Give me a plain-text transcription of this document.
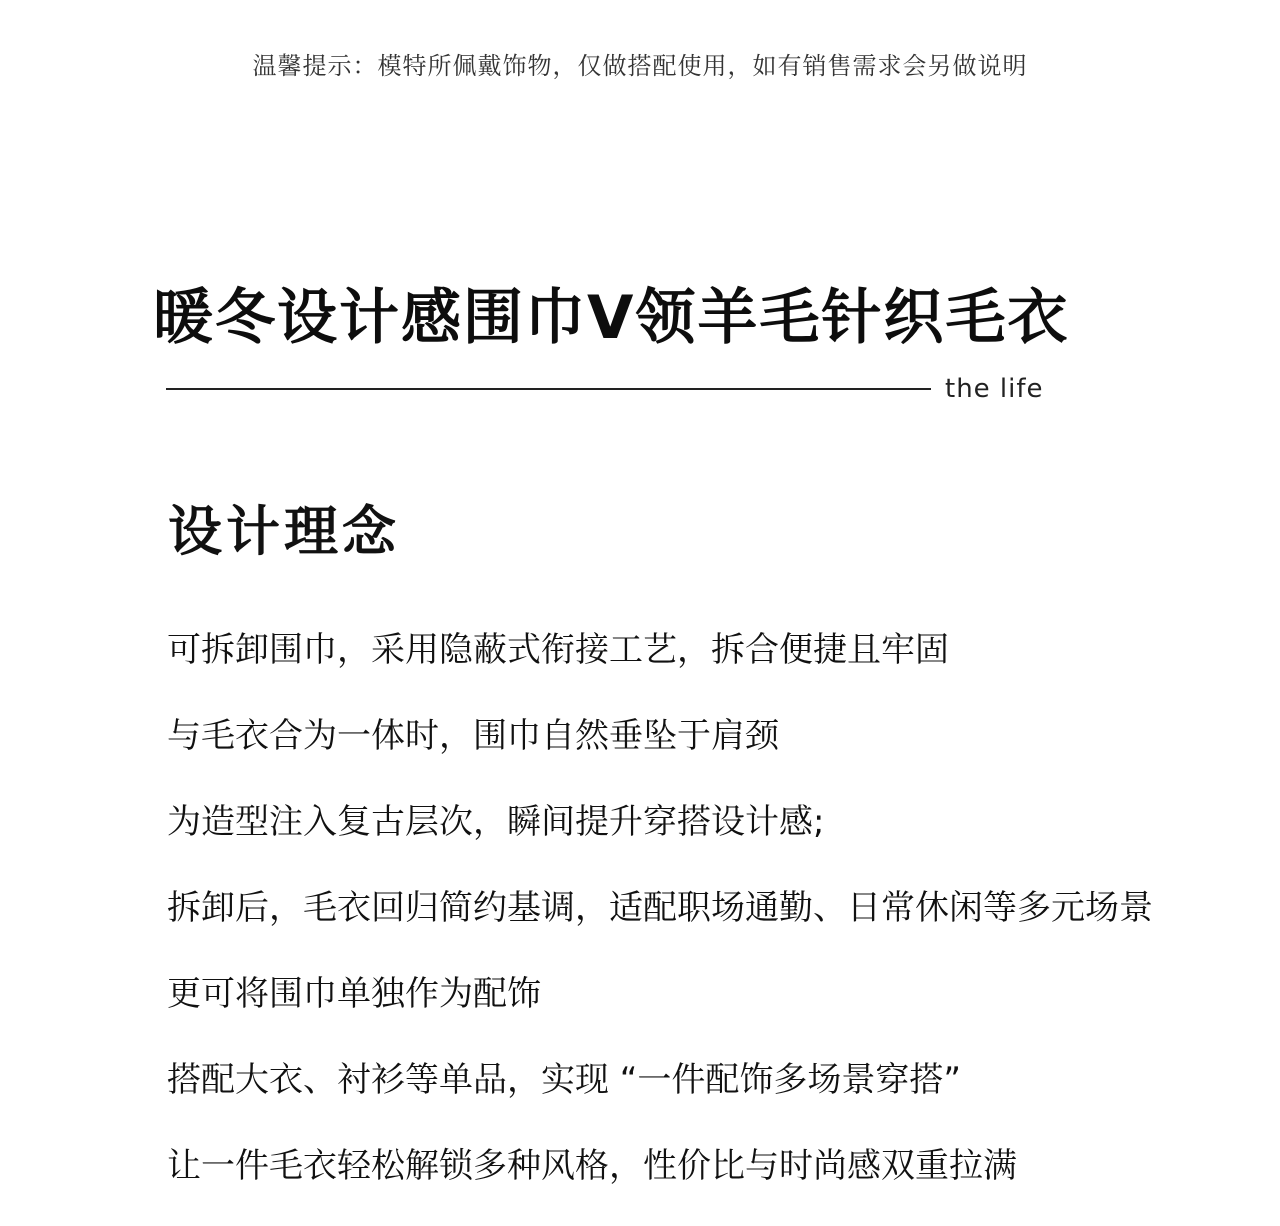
温馨提示：模特所佩戴饰物，仅做搭配使用，如有销售需求会另做说明
暖冬设计感围巾V领羊毛针织毛衣
the life
设计理念
可拆卸围巾，采用隐蔽式衔接工艺，拆合便捷且牢固
与毛衣合为一体时，围巾自然垂坠于肩颈
为造型注入复古层次，瞬间提升穿搭设计感;
拆卸后，毛衣回归简约基调，适配职场通勤、日常休闲等多元场景
更可将围巾单独作为配饰
搭配大衣、衬衫等单品，实现 “一件配饰多场景穿搭”
让一件毛衣轻松解锁多种风格，性价比与时尚感双重拉满
